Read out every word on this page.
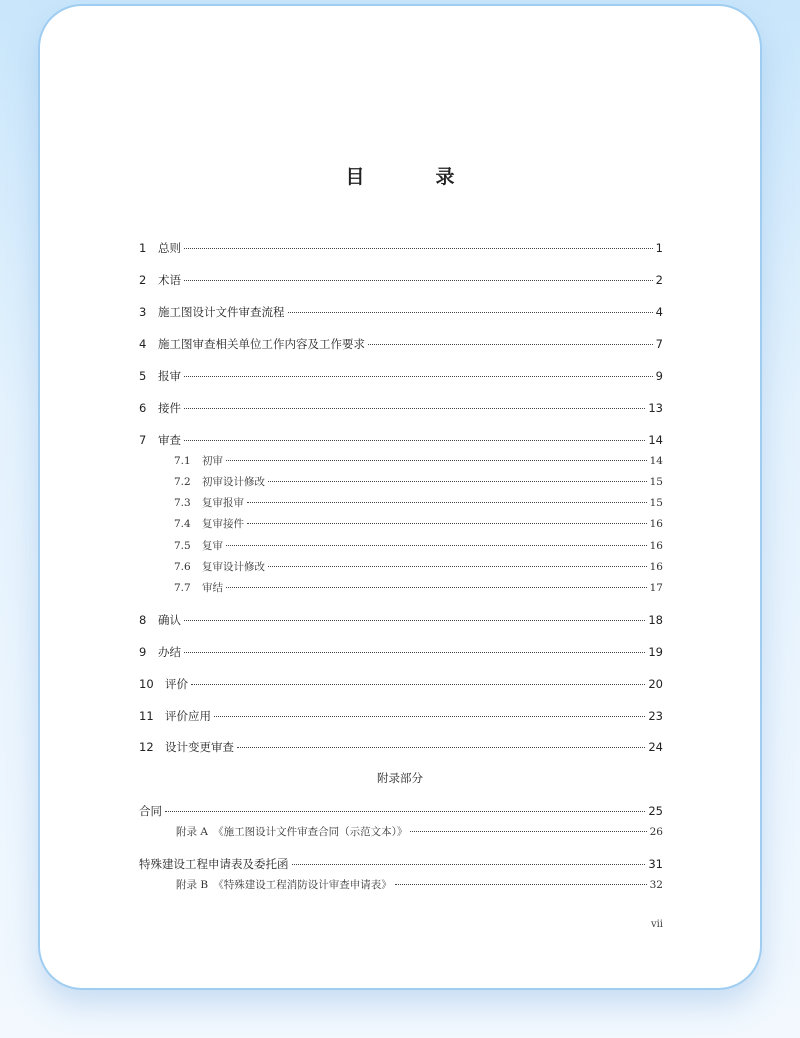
目　录
1	总则	1
2	术语	2
3	施工图设计文件审查流程	4
4	施工图审查相关单位工作内容及工作要求	7
5	报审	9
6	接件	13
7	审查	14
7.1	初审	14
7.2	初审设计修改	15
7.3	复审报审	15
7.4	复审接件	16
7.5	复审	16
7.6	复审设计修改	16
7.7	审结	17
8	确认	18
9	办结	19
10 评价	20
11 评价应用	23
12 设计变更审查	24
附录部分
合同	25
附录 A　《施工图设计文件审查合同（示范文本）》	26
特殊建设工程申请表及委托函	31
附录 B　《特殊建设工程消防设计审查申请表》	32
vii
